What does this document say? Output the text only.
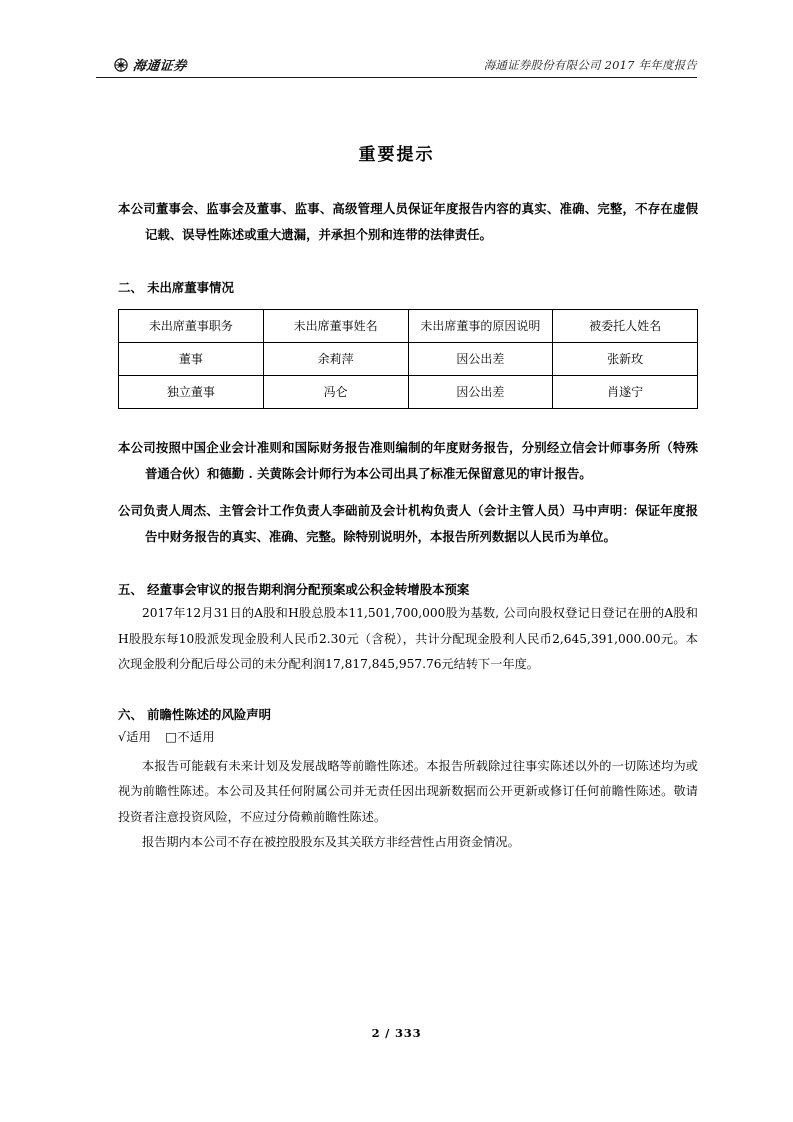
海通证券	海通证券股份有限公司 2017 年年度报告
重要提示

本公司董事会、监事会及董事、监事、高级管理人员保证年度报告内容的真实、准确、完整，不存在虚假记载、误导性陈述或重大遗漏，并承担个别和连带的法律责任。

二、 未出席董事情况

未出席董事职务	未出席董事姓名	未出席董事的原因说明	被委托人姓名
董事	余莉萍	因公出差	张新玫
独立董事	冯仑	因公出差	肖遂宁

本公司按照中国企业会计准则和国际财务报告准则编制的年度财务报告，分别经立信会计师事务所（特殊普通合伙）和德勤 . 关黄陈会计师行为本公司出具了标准无保留意见的审计报告。

公司负责人周杰、主管会计工作负责人李础前及会计机构负责人（会计主管人员）马中声明：保证年度报告中财务报告的真实、准确、完整。除特别说明外，本报告所列数据以人民币为单位。

五、 经董事会审议的报告期利润分配预案或公积金转增股本预案

2017年12月31日的A股和H股总股本11,501,700,000股为基数, 公司向股权登记日登记在册的A股和H股股东每10股派发现金股利人民币2.30元（含税），共计分配现金股利人民币2,645,391,000.00元。本次现金股利分配后母公司的未分配利润17,817,845,957.76元结转下一年度。

六、 前瞻性陈述的风险声明

√适用 □不适用

本报告可能载有未来计划及发展战略等前瞻性陈述。本报告所载除过往事实陈述以外的一切陈述均为或视为前瞻性陈述。本公司及其任何附属公司并无责任因出现新数据而公开更新或修订任何前瞻性陈述。敬请投资者注意投资风险，不应过分倚赖前瞻性陈述。

报告期内本公司不存在被控股股东及其关联方非经营性占用资金情况。

2 / 333
